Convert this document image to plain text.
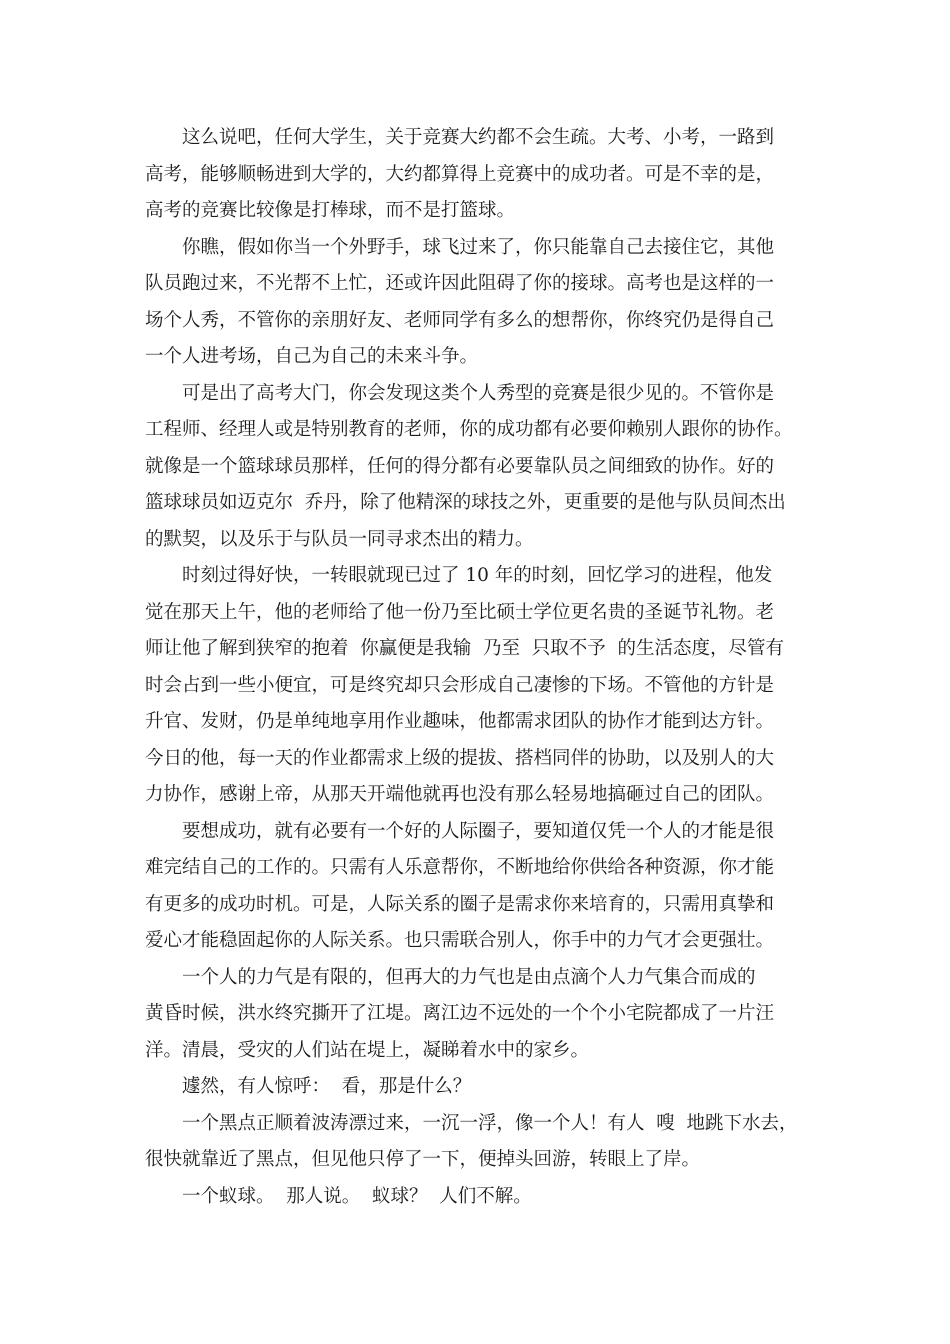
　　这么说吧，任何大学生，关于竞赛大约都不会生疏。大考、小考，一路到
高考，能够顺畅进到大学的，大约都算得上竞赛中的成功者。可是不幸的是，
高考的竞赛比较像是打棒球，而不是打篮球。
　　你瞧，假如你当一个外野手，球飞过来了，你只能靠自己去接住它，其他
队员跑过来，不光帮不上忙，还或许因此阻碍了你的接球。高考也是这样的一
场个人秀，不管你的亲朋好友、老师同学有多么的想帮你，你终究仍是得自己
一个人进考场，自己为自己的未来斗争。
　　可是出了高考大门，你会发现这类个人秀型的竞赛是很少见的。不管你是
工程师、经理人或是特别教育的老师，你的成功都有必要仰赖别人跟你的协作。
就像是一个篮球球员那样，任何的得分都有必要靠队员之间细致的协作。好的
篮球球员如迈克尔  乔丹，除了他精深的球技之外，更重要的是他与队员间杰出
的默契，以及乐于与队员一同寻求杰出的精力。
　　时刻过得好快，一转眼就现已过了 10 年的时刻，回忆学习的进程，他发
觉在那天上午，他的老师给了他一份乃至比硕士学位更名贵的圣诞节礼物。老
师让他了解到狭窄的抱着  你赢便是我输  乃至  只取不予  的生活态度，尽管有
时会占到一些小便宜，可是终究却只会形成自己凄惨的下场。不管他的方针是
升官、发财，仍是单纯地享用作业趣味，他都需求团队的协作才能到达方针。
今日的他，每一天的作业都需求上级的提拔、搭档同伴的协助，以及别人的大
力协作，感谢上帝，从那天开端他就再也没有那么轻易地搞砸过自己的团队。
　　要想成功，就有必要有一个好的人际圈子，要知道仅凭一个人的才能是很
难完结自己的工作的。只需有人乐意帮你，不断地给你供给各种资源，你才能
有更多的成功时机。可是，人际关系的圈子是需求你来培育的，只需用真挚和
爱心才能稳固起你的人际关系。也只需联合别人，你手中的力气才会更强壮。
　　一个人的力气是有限的，但再大的力气也是由点滴个人力气集合而成的
黄昏时候，洪水终究撕开了江堤。离江边不远处的一个个小宅院都成了一片汪
洋。清晨，受灾的人们站在堤上，凝睇着水中的家乡。
　　遽然，有人惊呼：  看，那是什么？
　　一个黑点正顺着波涛漂过来，一沉一浮，像一个人！有人  嗖  地跳下水去，
很快就靠近了黑点，但见他只停了一下，便掉头回游，转眼上了岸。
　　一个蚁球。  那人说。  蚁球？  人们不解。
